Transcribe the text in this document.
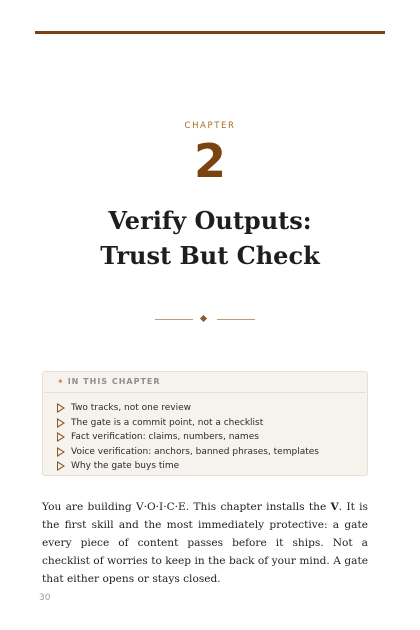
CHAPTER
2
Verify Outputs:
Trust But Check
✦ IN THIS CHAPTER
Two tracks, not one review
The gate is a commit point, not a checklist
Fact verification: claims, numbers, names
Voice verification: anchors, banned phrases, templates
Why the gate buys time

You are building V·O·I·C·E. This chapter installs the V. It is the first skill and the most immediately protective: a gate every piece of content passes before it ships. Not a checklist of worries to keep in the back of your mind. A gate that either opens or stays closed.

30
